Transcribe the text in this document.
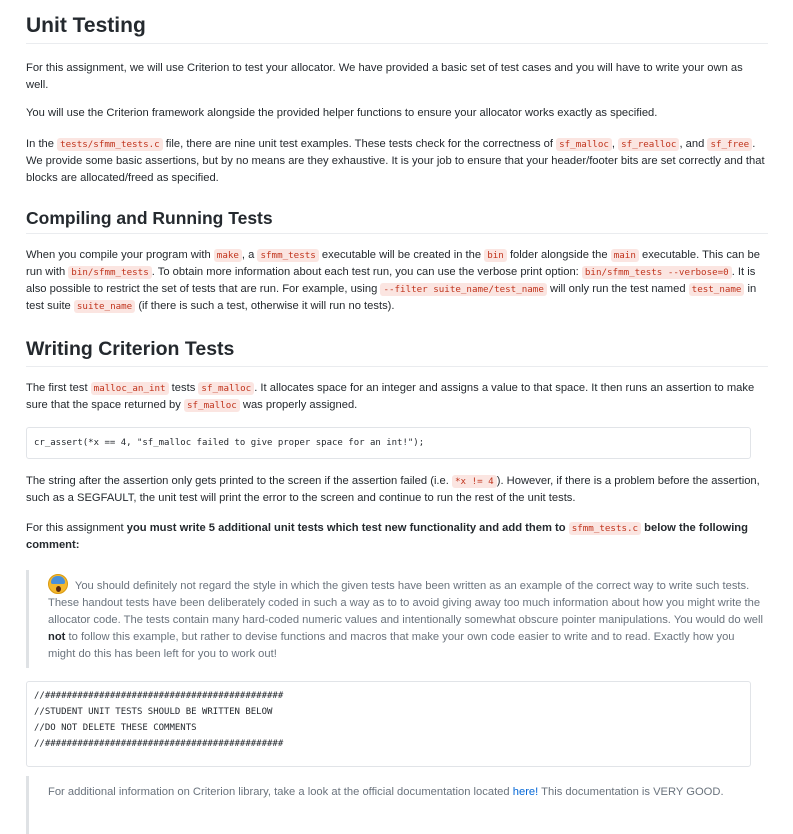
Unit Testing

For this assignment, we will use Criterion to test your allocator. We have provided a basic set of test cases and you will have to write your own as well.

You will use the Criterion framework alongside the provided helper functions to ensure your allocator works exactly as specified.

In the tests/sfmm_tests.c file, there are nine unit test examples. These tests check for the correctness of sf_malloc , sf_realloc , and sf_free . We provide some basic assertions, but by no means are they exhaustive. It is your job to ensure that your header/footer bits are set correctly and that blocks are allocated/freed as specified.

Compiling and Running Tests

When you compile your program with make , a sfmm_tests executable will be created in the bin folder alongside the main executable. This can be run with bin/sfmm_tests . To obtain more information about each test run, you can use the verbose print option: bin/sfmm_tests --verbose=0 . It is also possible to restrict the set of tests that are run. For example, using --filter suite_name/test_name will only run the test named test_name in test suite suite_name (if there is such a test, otherwise it will run no tests).

Writing Criterion Tests

The first test malloc_an_int tests sf_malloc . It allocates space for an integer and assigns a value to that space. It then runs an assertion to make sure that the space returned by sf_malloc was properly assigned.

cr_assert(*x == 4, "sf_malloc failed to give proper space for an int!");

The string after the assertion only gets printed to the screen if the assertion failed (i.e. *x != 4 ). However, if there is a problem before the assertion, such as a SEGFAULT, the unit test will print the error to the screen and continue to run the rest of the unit tests.

For this assignment you must write 5 additional unit tests which test new functionality and add them to sfmm_tests.c below the following comment:

You should definitely not regard the style in which the given tests have been written as an example of the correct way to write such tests. These handout tests have been deliberately coded in such a way as to to avoid giving away too much information about how you might write the allocator code. The tests contain many hard-coded numeric values and intentionally somewhat obscure pointer manipulations. You would do well not to follow this example, but rather to devise functions and macros that make your own code easier to write and to read. Exactly how you might do this has been left for you to work out!
//############################################
//STUDENT UNIT TESTS SHOULD BE WRITTEN BELOW
//DO NOT DELETE THESE COMMENTS
//############################################
For additional information on Criterion library, take a look at the official documentation located here! This documentation is VERY GOOD.
